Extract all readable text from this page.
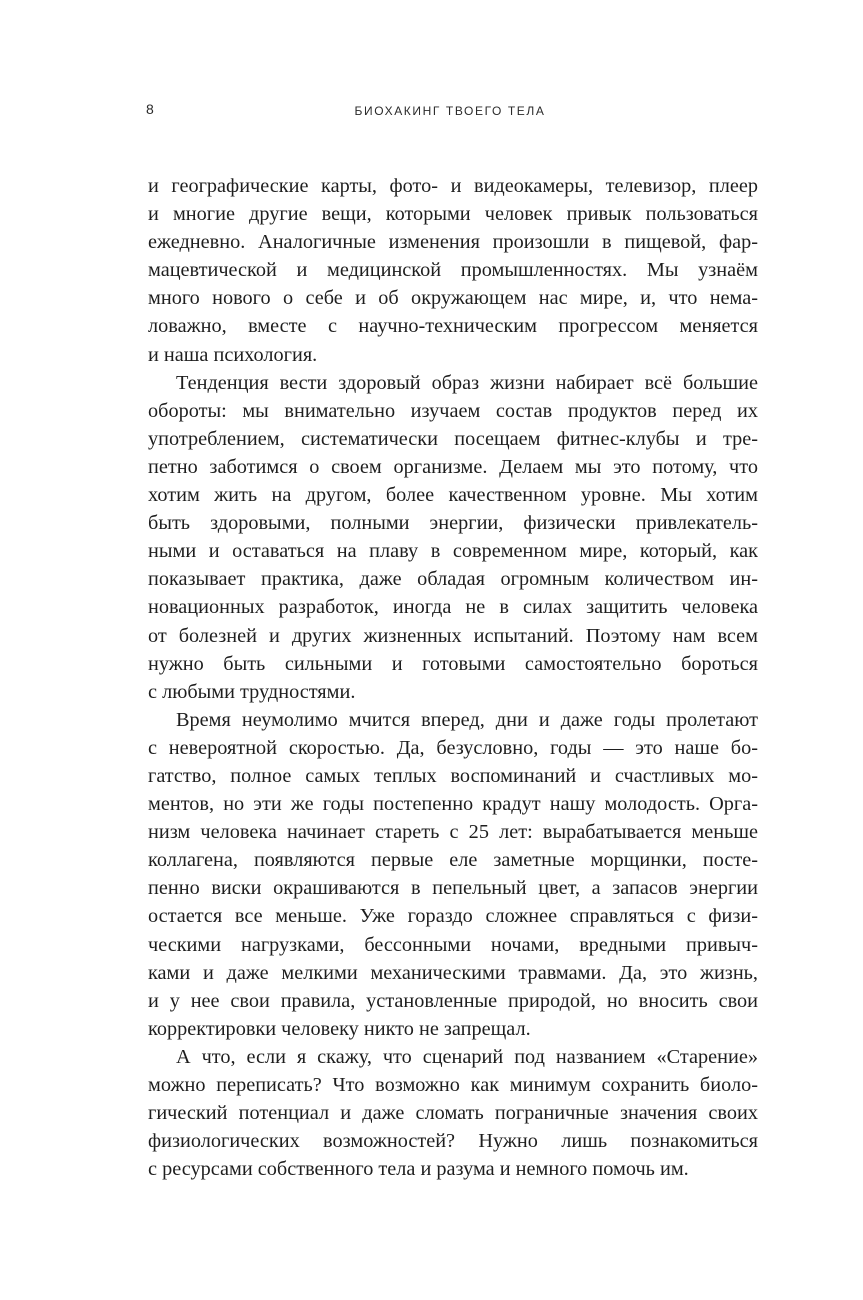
8	БИОХАКИНГ ТВОЕГО ТЕЛА

и географические карты, фото- и видеокамеры, телевизор, плеер
и многие другие вещи, которыми человек привык пользоваться
ежедневно. Аналогичные изменения произошли в пищевой, фар-
мацевтической и медицинской промышленностях. Мы узнаём
много нового о себе и об окружающем нас мире, и, что нема-
ловажно, вместе с научно-техническим прогрессом меняется
и наша психология.

Тенденция вести здоровый образ жизни набирает всё большие
обороты: мы внимательно изучаем состав продуктов перед их
употреблением, систематически посещаем фитнес-клубы и тре-
петно заботимся о своем организме. Делаем мы это потому, что
хотим жить на другом, более качественном уровне. Мы хотим
быть здоровыми, полными энергии, физически привлекатель-
ными и оставаться на плаву в современном мире, который, как
показывает практика, даже обладая огромным количеством ин-
новационных разработок, иногда не в силах защитить человека
от болезней и других жизненных испытаний. Поэтому нам всем
нужно быть сильными и готовыми самостоятельно бороться
с любыми трудностями.

Время неумолимо мчится вперед, дни и даже годы пролетают
с невероятной скоростью. Да, безусловно, годы — это наше бо-
гатство, полное самых теплых воспоминаний и счастливых мо-
ментов, но эти же годы постепенно крадут нашу молодость. Орга-
низм человека начинает стареть с 25 лет: вырабатывается меньше
коллагена, появляются первые еле заметные морщинки, посте-
пенно виски окрашиваются в пепельный цвет, а запасов энергии
остается все меньше. Уже гораздо сложнее справляться с физи-
ческими нагрузками, бессонными ночами, вредными привыч-
ками и даже мелкими механическими травмами. Да, это жизнь,
и у нее свои правила, установленные природой, но вносить свои
корректировки человеку никто не запрещал.

А что, если я скажу, что сценарий под названием «Старение»
можно переписать? Что возможно как минимум сохранить биоло-
гический потенциал и даже сломать пограничные значения своих
физиологических возможностей? Нужно лишь познакомиться
с ресурсами собственного тела и разума и немного помочь им.
